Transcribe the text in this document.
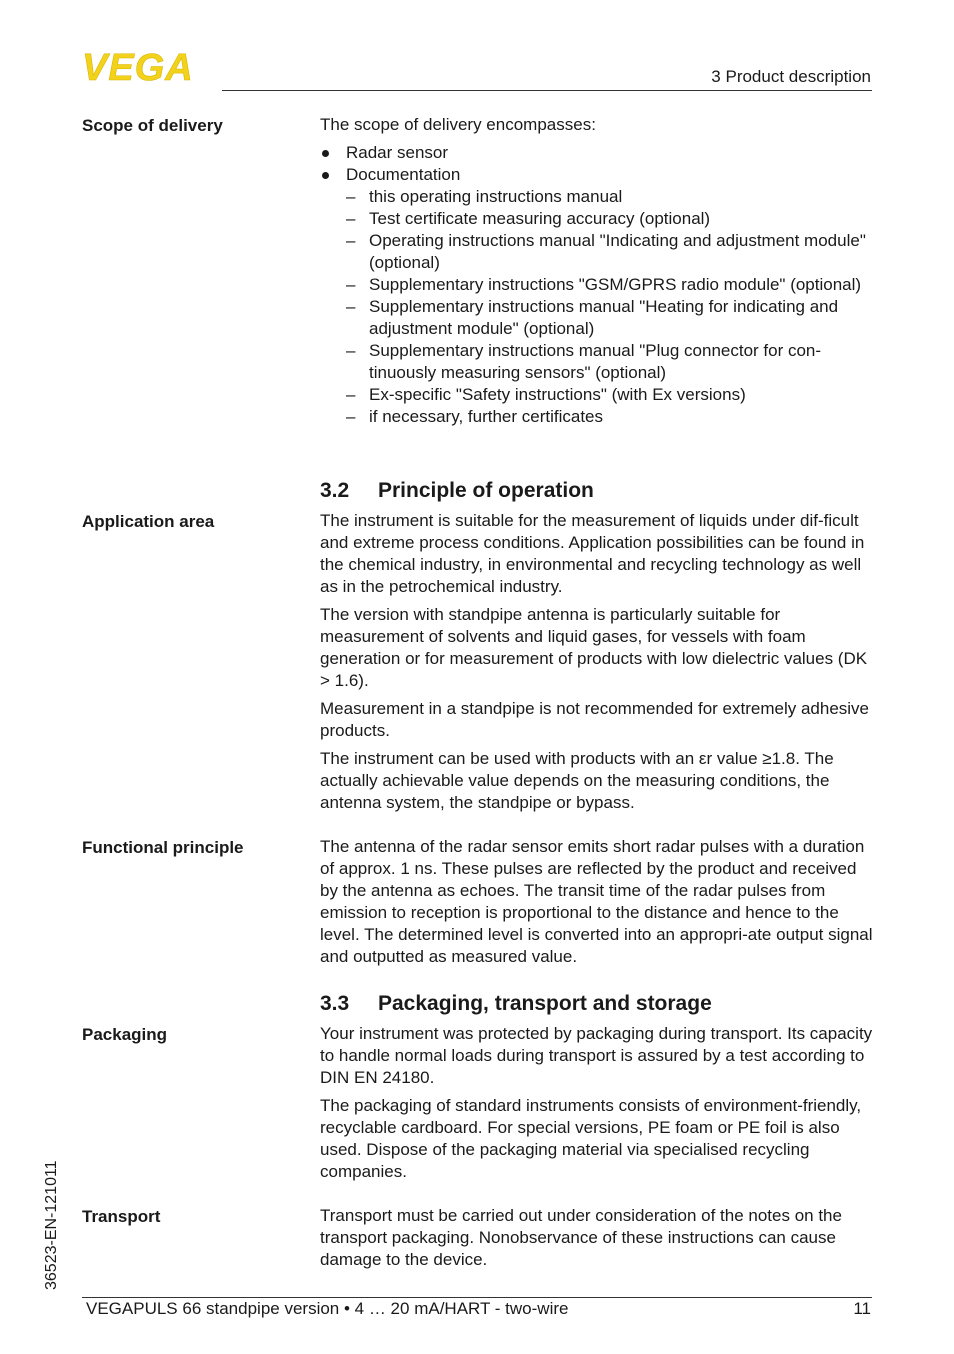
VEGA	3 Product description
Scope of delivery	The scope of delivery encompasses:

Radar sensor
Documentation
– this operating instructions manual
– Test certificate measuring accuracy (optional)
– Operating instructions manual "Indicating and adjustment module" (optional)
– Supplementary instructions "GSM/GPRS radio module" (optional)
– Supplementary instructions manual "Heating for indicating and adjustment module" (optional)
– Supplementary instructions manual "Plug connector for con-tinuously measuring sensors" (optional)
– Ex-specific "Safety instructions" (with Ex versions)
– if necessary, further certificates
3.2 Principle of operation
Application area	The instrument is suitable for the measurement of liquids under dif-ficult and extreme process conditions. Application possibilities can be found in the chemical industry, in environmental and recycling technology as well as in the petrochemical industry.

The version with standpipe antenna is particularly suitable for measurement of solvents and liquid gases, for vessels with foam generation or for measurement of products with low dielectric values (DK > 1.6).

Measurement in a standpipe is not recommended for extremely adhesive products.

The instrument can be used with products with an εr value ≥1.8. The actually achievable value depends on the measuring conditions, the antenna system, the standpipe or bypass.

Functional principle	The antenna of the radar sensor emits short radar pulses with a duration of approx. 1 ns. These pulses are reflected by the product and received by the antenna as echoes. The transit time of the radar pulses from emission to reception is proportional to the distance and hence to the level. The determined level is converted into an appropri-ate output signal and outputted as measured value.

3.3 Packaging, transport and storage
Packaging	Your instrument was protected by packaging during transport. Its capacity to handle normal loads during transport is assured by a test according to DIN EN 24180.

The packaging of standard instruments consists of environment-friendly, recyclable cardboard. For special versions, PE foam or PE foil is also used. Dispose of the packaging material via specialised recycling companies.

Transport	Transport must be carried out under consideration of the notes on the transport packaging. Nonobservance of these instructions can cause damage to the device.

VEGAPULS 66 standpipe version • 4 … 20 mA/HART - two-wire	11
36523-EN-121011
